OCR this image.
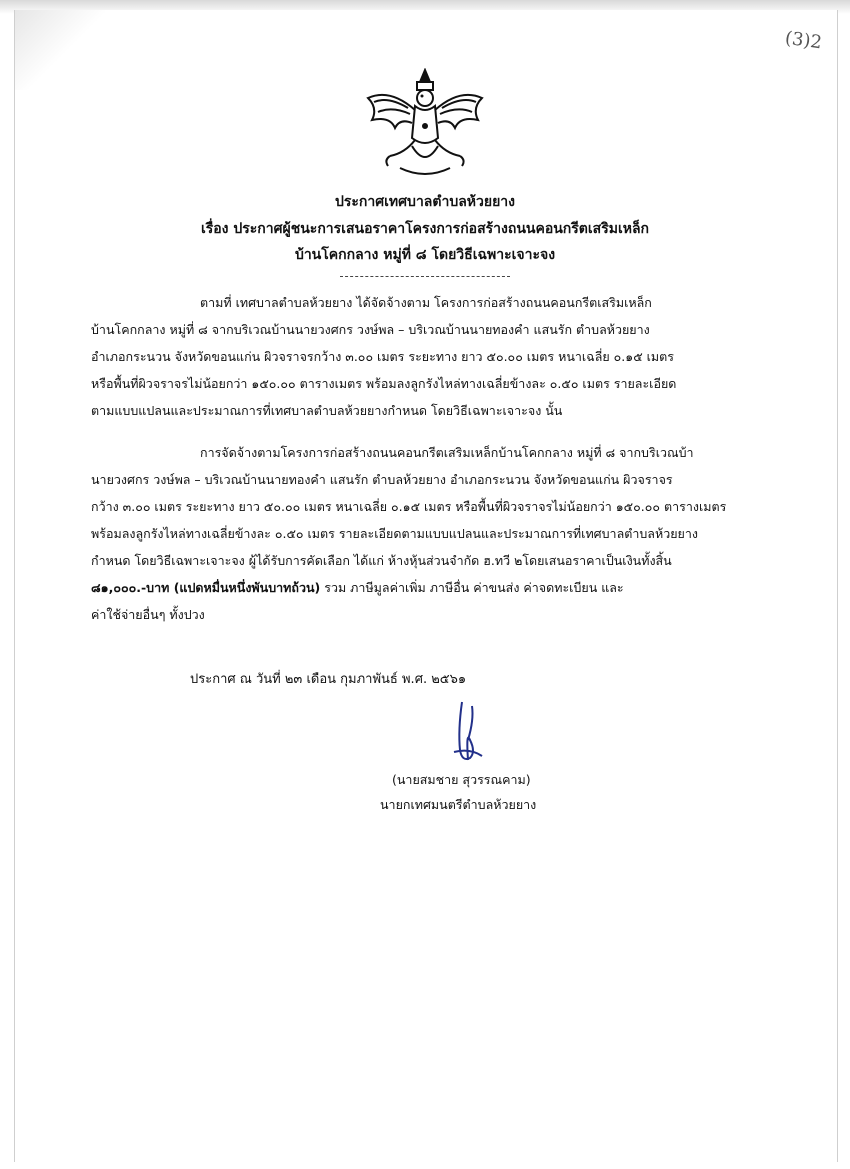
(3)2
ประกาศเทศบาลตำบลห้วยยาง
เรื่อง ประกาศผู้ชนะการเสนอราคาโครงการก่อสร้างถนนคอนกรีตเสริมเหล็ก
บ้านโคกกลาง หมู่ที่ ๘ โดยวิธีเฉพาะเจาะจง
ตามที่ เทศบาลตำบลห้วยยาง ได้จัดจ้างตาม โครงการก่อสร้างถนนคอนกรีตเสริมเหล็ก
บ้านโคกกลาง หมู่ที่ ๘ จากบริเวณบ้านนายวงศกร วงษ์พล – บริเวณบ้านนายทองคำ แสนรัก ตำบลห้วยยาง
อำเภอกระนวน จังหวัดขอนแก่น ผิวจราจรกว้าง ๓.๐๐ เมตร ระยะทาง ยาว ๕๐.๐๐ เมตร หนาเฉลี่ย ๐.๑๕ เมตร
หรือพื้นที่ผิวจราจรไม่น้อยกว่า ๑๕๐.๐๐ ตารางเมตร พร้อมลงลูกรังไหล่ทางเฉลี่ยข้างละ ๐.๕๐ เมตร รายละเอียด
ตามแบบแปลนและประมาณการที่เทศบาลตำบลห้วยยางกำหนด โดยวิธีเฉพาะเจาะจง นั้น
การจัดจ้างตามโครงการก่อสร้างถนนคอนกรีตเสริมเหล็กบ้านโคกกลาง หมู่ที่ ๘ จากบริเวณบ้า
นายวงศกร วงษ์พล – บริเวณบ้านนายทองคำ แสนรัก ตำบลห้วยยาง อำเภอกระนวน จังหวัดขอนแก่น ผิวจราจร
กว้าง ๓.๐๐ เมตร ระยะทาง ยาว ๕๐.๐๐ เมตร หนาเฉลี่ย ๐.๑๕ เมตร หรือพื้นที่ผิวจราจรไม่น้อยกว่า ๑๕๐.๐๐ ตารางเมตร
พร้อมลงลูกรังไหล่ทางเฉลี่ยข้างละ ๐.๕๐ เมตร รายละเอียดตามแบบแปลนและประมาณการที่เทศบาลตำบลห้วยยาง
กำหนด โดยวิธีเฉพาะเจาะจง ผู้ได้รับการคัดเลือก ได้แก่ ห้างหุ้นส่วนจำกัด ฮ.ทวี ๒โดยเสนอราคาเป็นเงินทั้งสิ้น
๘๑,๐๐๐.-บาท (แปดหมื่นหนึ่งพันบาทถ้วน) รวม ภาษีมูลค่าเพิ่ม ภาษีอื่น ค่าขนส่ง ค่าจดทะเบียน และ
ค่าใช้จ่ายอื่นๆ ทั้งปวง
ประกาศ ณ วันที่ ๒๓ เดือน กุมภาพันธ์ พ.ศ. ๒๕๖๑
(นายสมชาย สุวรรณคาม)
นายกเทศมนตรีตำบลห้วยยาง
